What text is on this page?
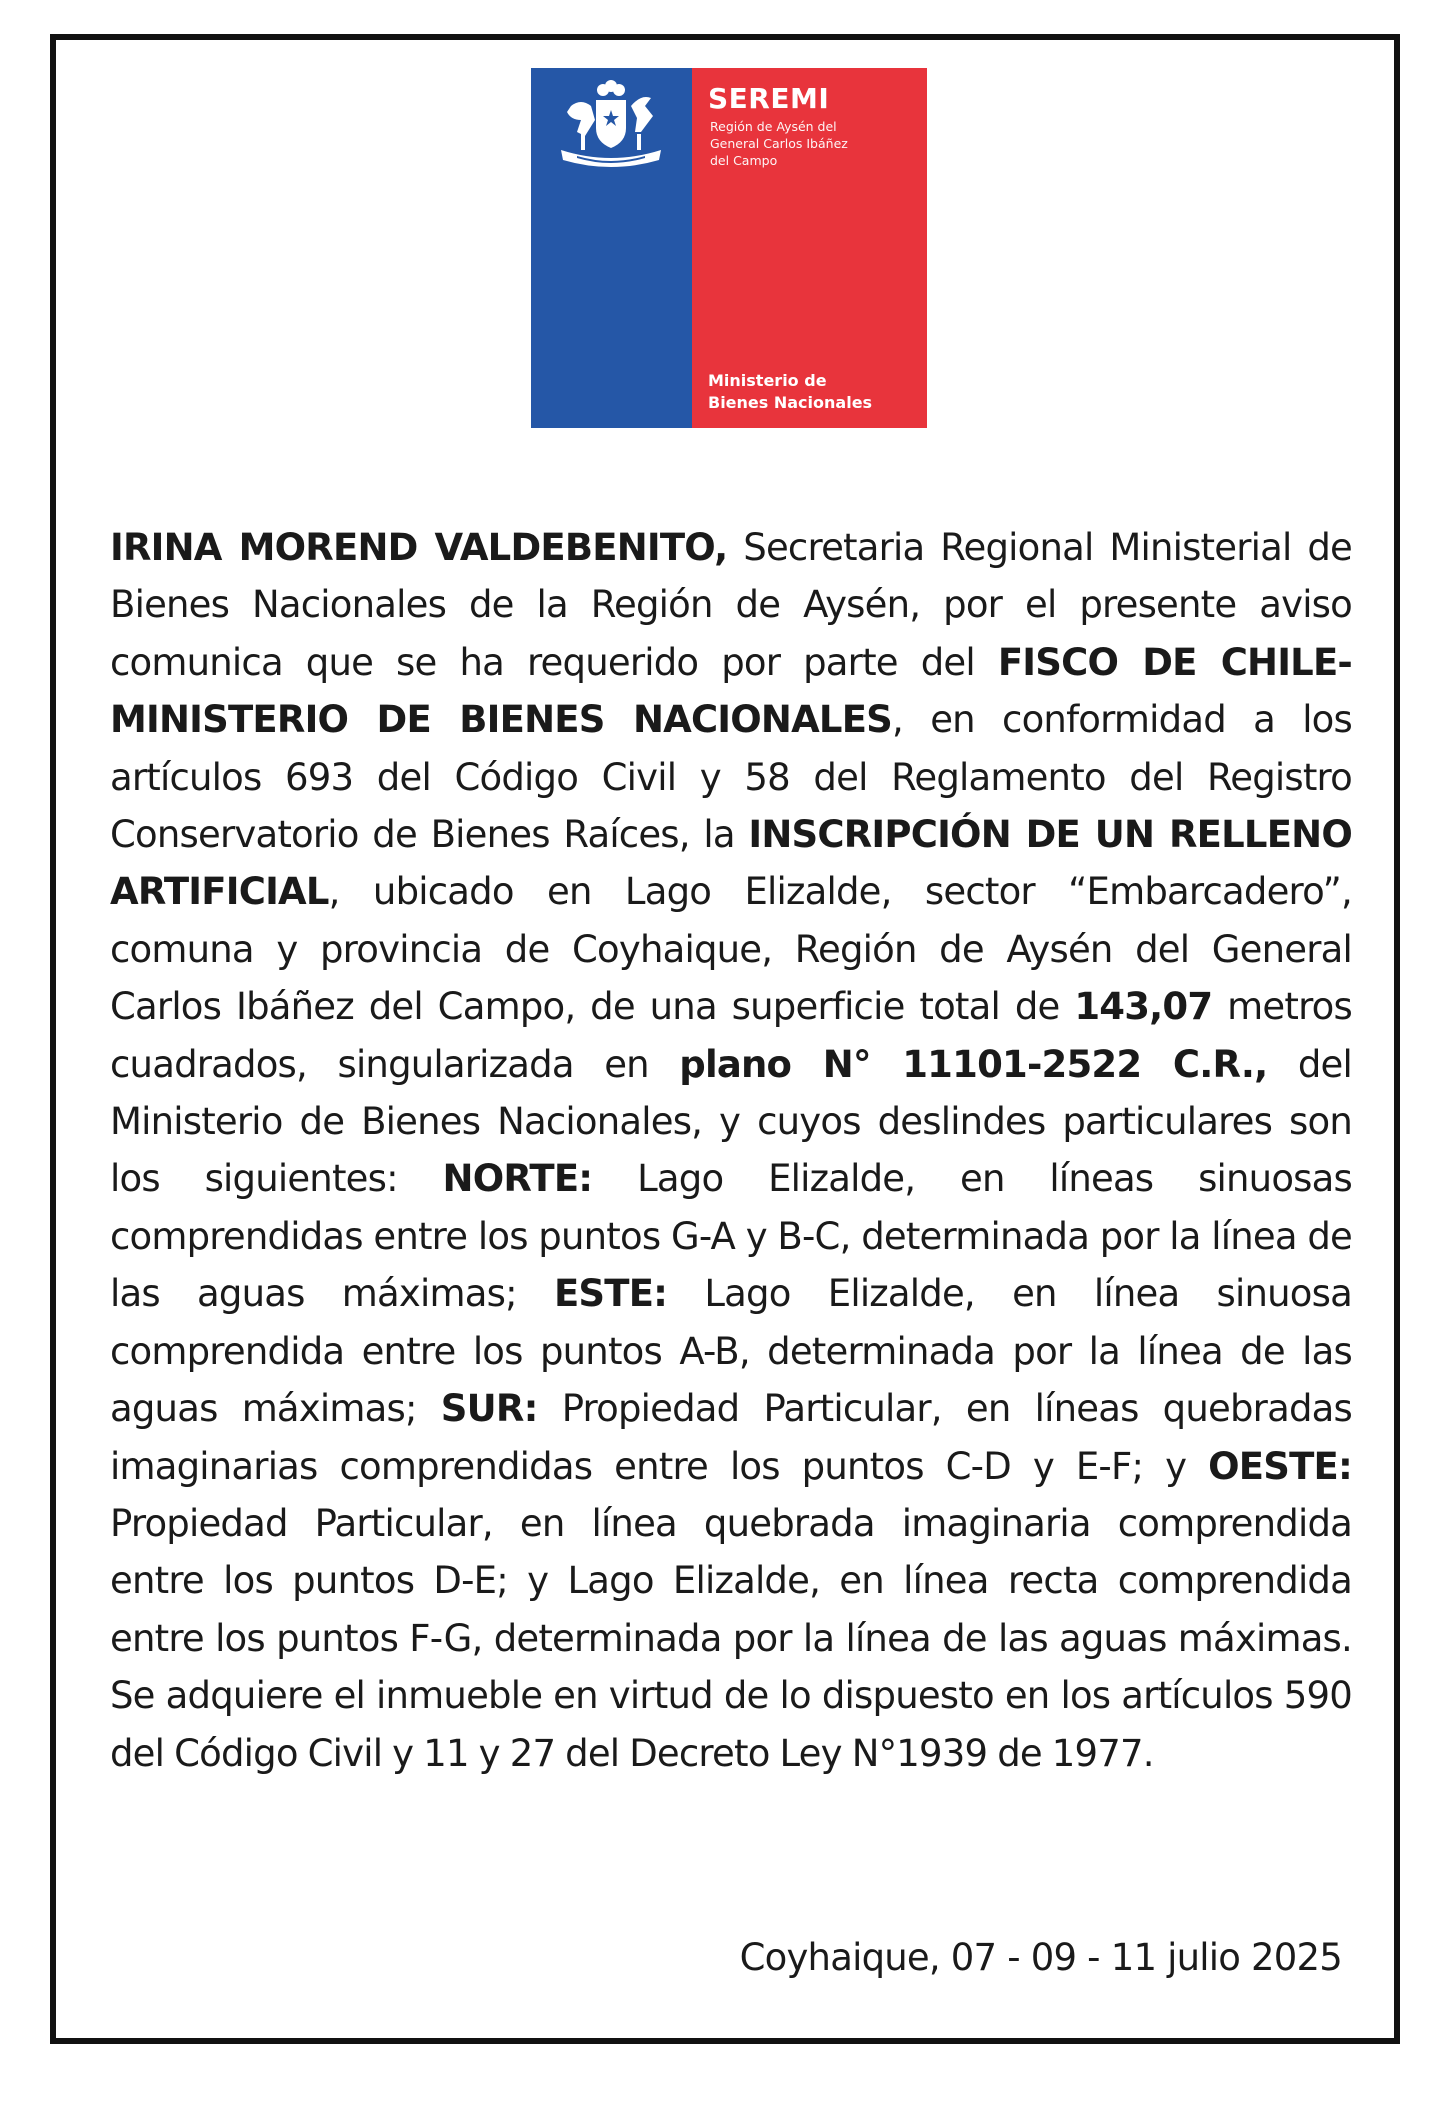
SEREMI
Región de Aysén del
General Carlos Ibáñez
del Campo
Ministerio de
Bienes Nacionales
IRINA MOREND VALDEBENITO, Secretaria Regional Ministerial de Bienes Nacionales de la Región de Aysén, por el presente aviso comunica que se ha requerido por parte del FISCO DE CHILE-MINISTERIO DE BIENES NACIONALES, en conformidad a los artículos 693 del Código Civil y 58 del Reglamento del Registro Conservatorio de Bienes Raíces, la INSCRIPCIÓN DE UN RELLENO ARTIFICIAL, ubicado en Lago Elizalde, sector “Embarcadero”, comuna y provincia de Coyhaique, Región de Aysén del General Carlos Ibáñez del Campo, de una superficie total de 143,07 metros cuadrados, singularizada en plano N° 11101-2522 C.R., del Ministerio de Bienes Nacionales, y cuyos deslindes particulares son los siguientes: NORTE: Lago Elizalde, en líneas sinuosas comprendidas entre los puntos G-A y B-C, determinada por la línea de las aguas máximas; ESTE: Lago Elizalde, en línea sinuosa comprendida entre los puntos A-B, determinada por la línea de las aguas máximas; SUR: Propiedad Particular, en líneas quebradas imaginarias comprendidas entre los puntos C-D y E-F; y OESTE: Propiedad Particular, en línea quebrada imaginaria comprendida entre los puntos D-E; y Lago Elizalde, en línea recta comprendida entre los puntos F-G, determinada por la línea de las aguas máximas. Se adquiere el inmueble en virtud de lo dispuesto en los artículos 590 del Código Civil y 11 y 27 del Decreto Ley N°1939 de 1977.
Coyhaique, 07 - 09 - 11 julio 2025
